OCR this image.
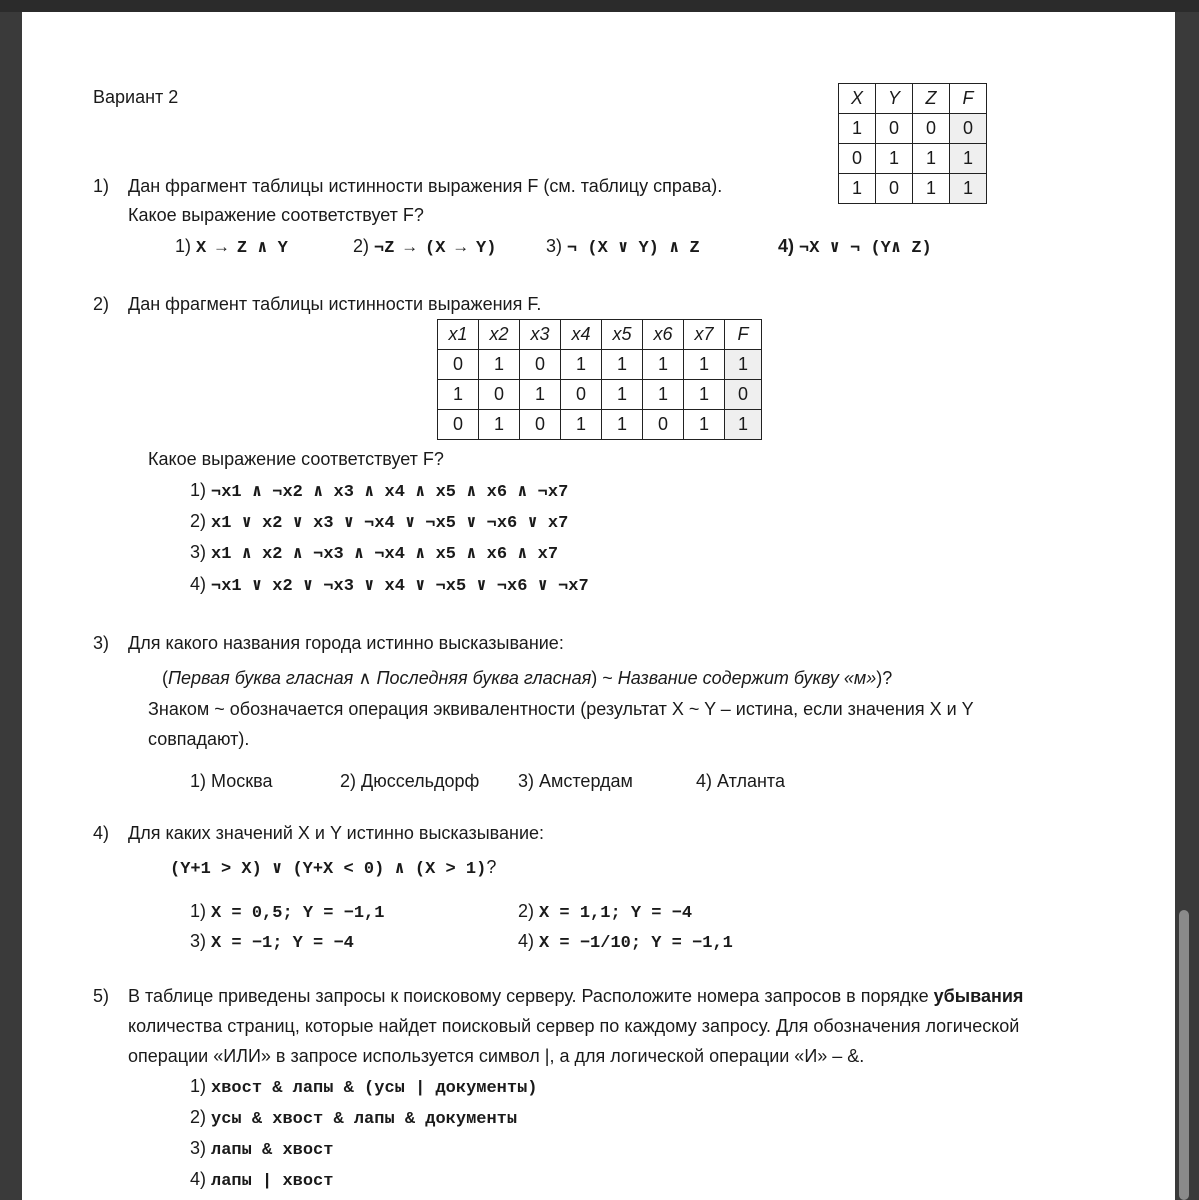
Вариант 2	X	Y	Z	F
1	0	0	0
0	1	1	1
1	0	1	1
1) Дан фрагмент таблицы истинности выражения F (см. таблицу справа).
Какое выражение соответствует F?
1) X → Z ∧ Y	2) ¬Z → (X → Y)	3) ¬ (X ∨ Y) ∧ Z	4) ¬X ∨ ¬ (Y∧ Z)
2) Дан фрагмент таблицы истинности выражения F.
x1	x2	x3	x4	x5	x6	x7	F
0	1	0	1	1	1	1	1
1	0	1	0	1	1	1	0
0	1	0	1	1	0	1	1
Какое выражение соответствует F?
1) ¬x1 ∧ ¬x2 ∧ x3 ∧ x4 ∧ x5 ∧ x6 ∧ ¬x7
2) x1 ∨ x2 ∨ x3 ∨ ¬x4 ∨ ¬x5 ∨ ¬x6 ∨ x7
3) x1 ∧ x2 ∧ ¬x3 ∧ ¬x4 ∧ x5 ∧ x6 ∧ x7
4) ¬x1 ∨ x2 ∨ ¬x3 ∨ x4 ∨ ¬x5 ∨ ¬x6 ∨ ¬x7
3) Для какого названия города истинно высказывание:
(Первая буква гласная ∧ Последняя буква гласная) ~ Название содержит букву «м»)?
Знаком ~ обозначается операция эквивалентности (результат X ~ Y – истина, если значения X и Y
совпадают).
1) Москва	2) Дюссельдорф 3) Амстердам	4) Атланта
4) Для каких значений X и Y истинно высказывание:
(Y+1 > X) ∨ (Y+X < 0) ∧ (X > 1)?
1) X = 0,5; Y = −1,1	2) X = 1,1; Y = −4
3) X = −1; Y = −4	4) X = −1/10; Y = −1,1
5) В таблице приведены запросы к поисковому серверу. Расположите номера запросов в порядке убывания
количества страниц, которые найдет поисковый сервер по каждому запросу. Для обозначения логической
операции «ИЛИ» в запросе используется символ |, а для логической операции «И» – &.
1) хвост & лапы & (усы | документы)
2) усы & хвост & лапы & документы
3) лапы & хвост
4) лапы | хвост
